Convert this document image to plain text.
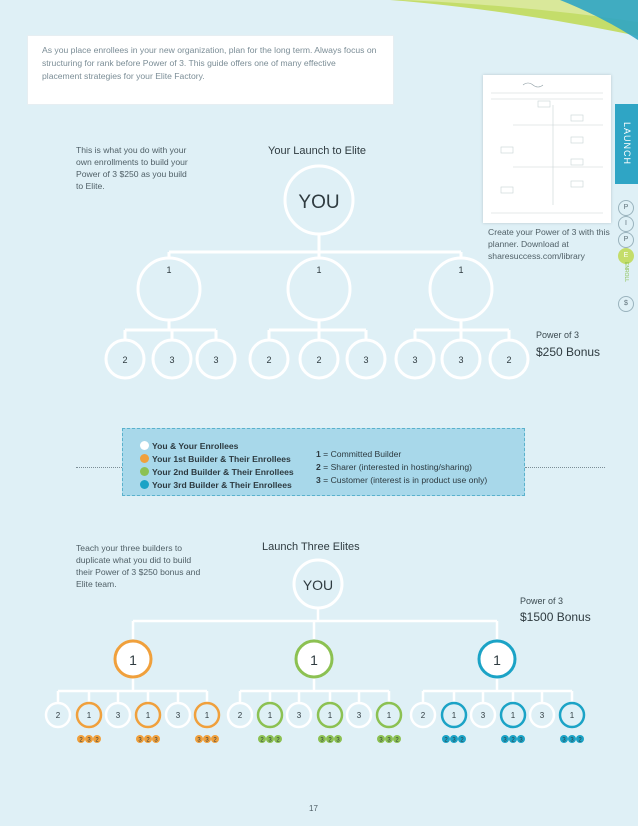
As you place enrollees in your new organization, plan for the long term. Always focus on structuring for rank before Power of 3. This guide offers one of many effective placement strategies for your Elite Factory.

Create your Power of 3 with this planner. Download at sharesuccess.com/library
LAUNCH
P
I
P
E
ENROLL
$
This is what you do with your own enrollments to build your Power of 3 $250 as you build to Elite.
Your Launch to Elite
Power of 3
$250 Bonus
YOU
1	1	1
2	3	3	2	2	3	3	3	2
You & Your Enrollees
Your 1st Builder & Their Enrollees
Your 2nd Builder & Their Enrollees
Your 3rd Builder & Their Enrollees
1 = Committed Builder
2 = Sharer (interested in hosting/sharing)
3 = Customer (interest is in product use only)
Teach your three builders to duplicate what you did to build their Power of 3 $250 bonus and Elite team.
Launch Three Elites
Power of 3
$1500 Bonus
YOU
1
2	1
2 3 2
3	1
3 2 3
3	1
3 3 2
1
2	1
2 3 2
3	1
3 2 3
3	1
3 3 2
1
2	1
2 3 2
3	1
3 2 3
3	1
3 3 2
17
